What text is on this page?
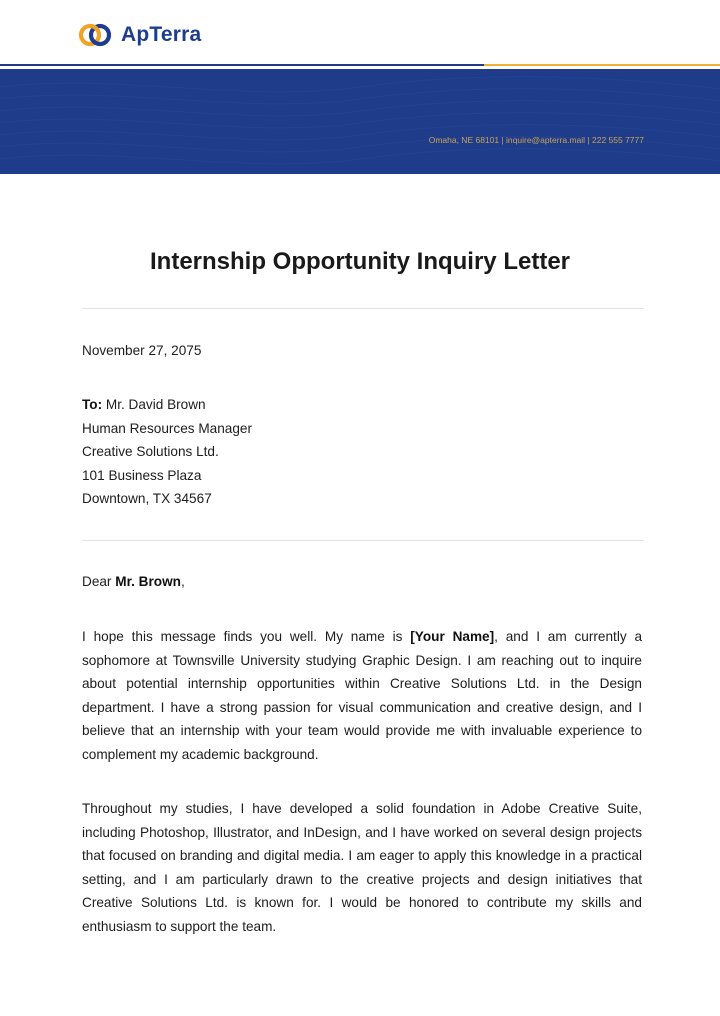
ApTerra
Omaha, NE 68101 | inquire@apterra.mail | 222 555 7777
Internship Opportunity Inquiry Letter
November 27, 2075
To: Mr. David Brown
Human Resources Manager
Creative Solutions Ltd.
101 Business Plaza
Downtown, TX 34567
Dear Mr. Brown,
I hope this message finds you well. My name is [Your Name], and I am currently a sophomore at Townsville University studying Graphic Design. I am reaching out to inquire about potential internship opportunities within Creative Solutions Ltd. in the Design department. I have a strong passion for visual communication and creative design, and I believe that an internship with your team would provide me with invaluable experience to complement my academic background.
Throughout my studies, I have developed a solid foundation in Adobe Creative Suite, including Photoshop, Illustrator, and InDesign, and I have worked on several design projects that focused on branding and digital media. I am eager to apply this knowledge in a practical setting, and I am particularly drawn to the creative projects and design initiatives that Creative Solutions Ltd. is known for. I would be honored to contribute my skills and enthusiasm to support the team.
